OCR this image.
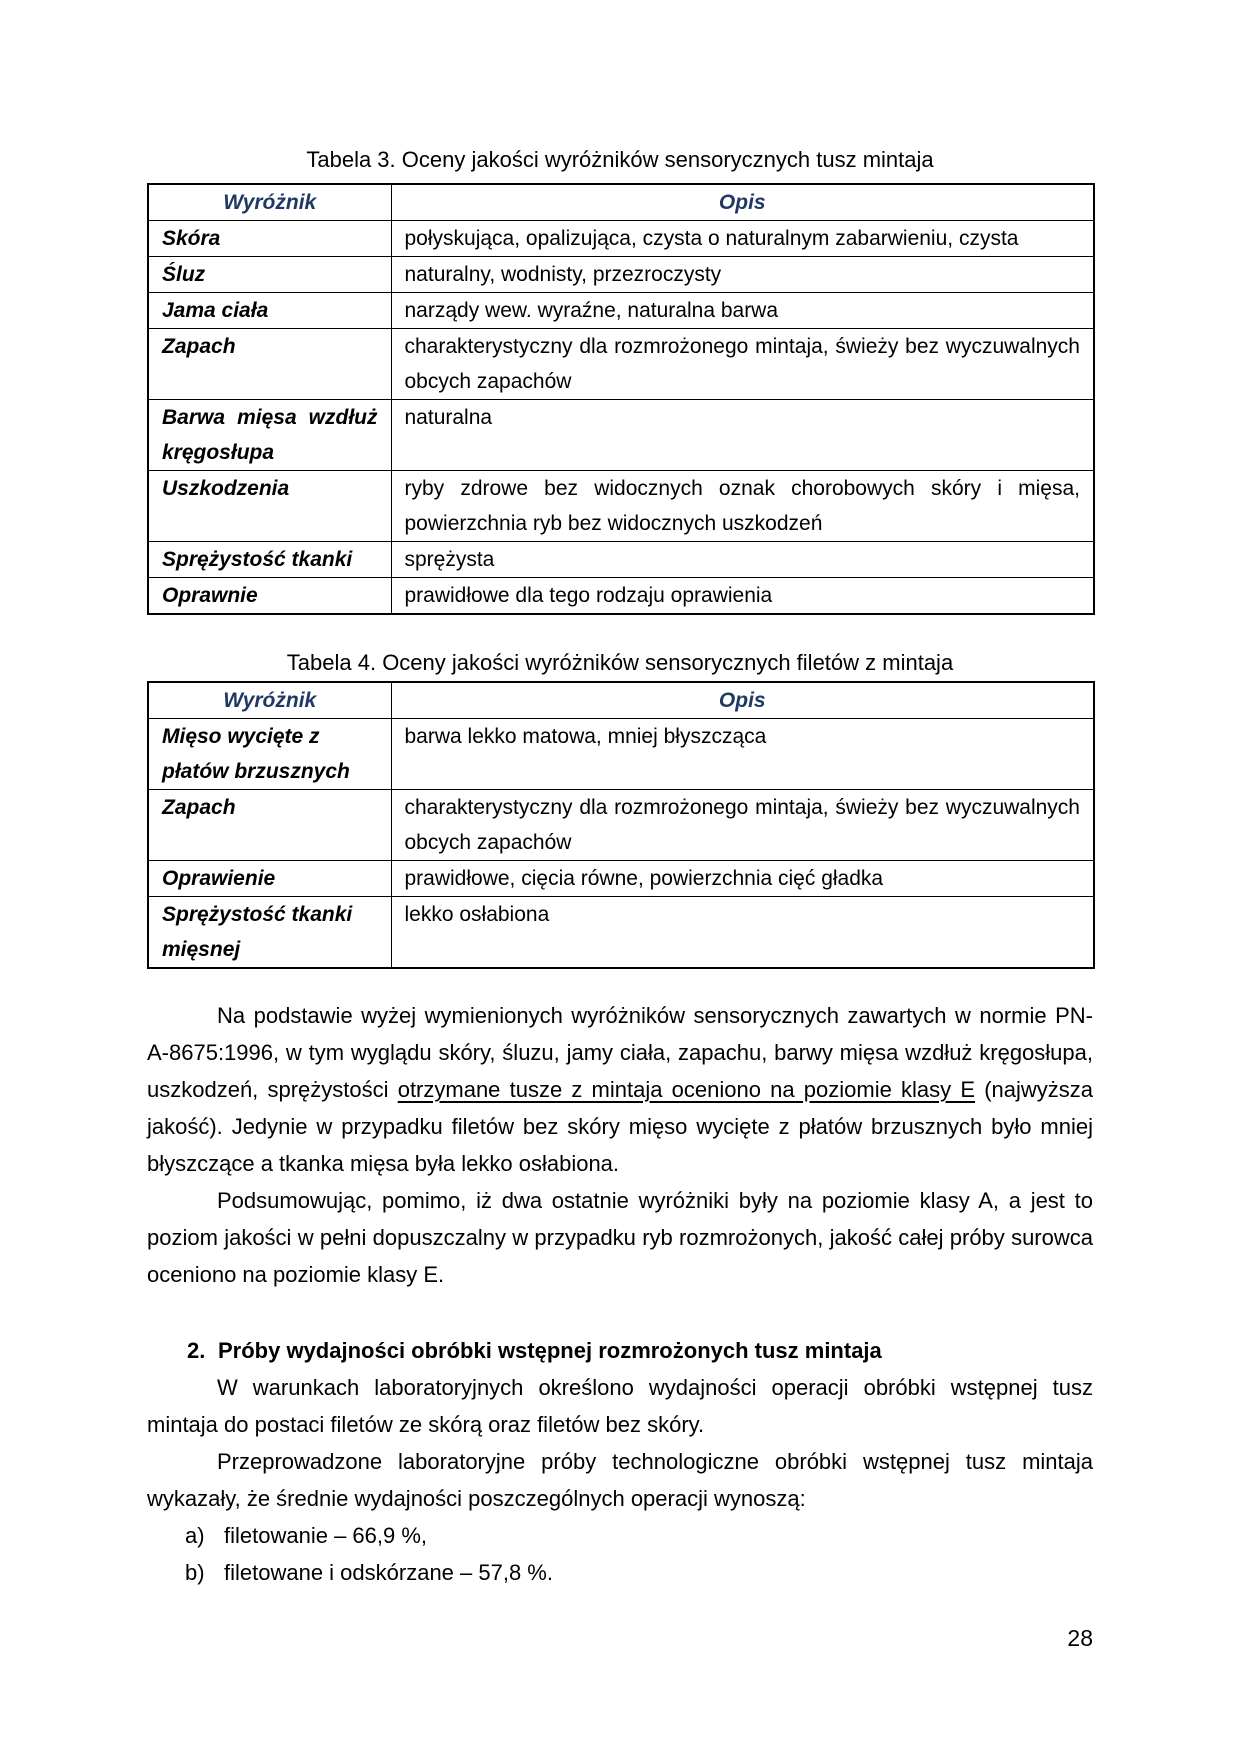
Tabela 3. Oceny jakości wyróżników sensorycznych tusz mintaja

Wyróżnik	Opis
Skóra	połyskująca, opalizująca, czysta o naturalnym zabarwieniu, czysta
Śluz	naturalny, wodnisty, przezroczysty
Jama ciała	narządy wew. wyraźne, naturalna barwa
Zapach	charakterystyczny dla rozmrożonego mintaja, świeży bez wyczuwalnych obcych zapachów
Barwa mięsa wzdłuż kręgosłupa	naturalna
Uszkodzenia	ryby zdrowe bez widocznych oznak chorobowych skóry i mięsa, powierzchnia ryb bez widocznych uszkodzeń
Sprężystość tkanki	sprężysta
Oprawnie	prawidłowe dla tego rodzaju oprawienia

Tabela 4. Oceny jakości wyróżników sensorycznych filetów z mintaja

Wyróżnik	Opis
Mięso wycięte z płatów brzusznych	barwa lekko matowa, mniej błyszcząca
Zapach	charakterystyczny dla rozmrożonego mintaja, świeży bez wyczuwalnych obcych zapachów
Oprawienie	prawidłowe, cięcia równe, powierzchnia cięć gładka
Sprężystość tkanki mięsnej	lekko osłabiona

Na podstawie wyżej wymienionych wyróżników sensorycznych zawartych w normie PN-A-8675:1996, w tym wyglądu skóry, śluzu, jamy ciała, zapachu, barwy mięsa wzdłuż kręgosłupa, uszkodzeń, sprężystości otrzymane tusze z mintaja oceniono na poziomie klasy E (najwyższa jakość). Jedynie w przypadku filetów bez skóry mięso wycięte z płatów brzusznych było mniej błyszczące a tkanka mięsa była lekko osłabiona.

Podsumowując, pomimo, iż dwa ostatnie wyróżniki były na poziomie klasy A, a jest to poziom jakości w pełni dopuszczalny w przypadku ryb rozmrożonych, jakość całej próby surowca oceniono na poziomie klasy E.

2. Próby wydajności obróbki wstępnej rozmrożonych tusz mintaja

W warunkach laboratoryjnych określono wydajności operacji obróbki wstępnej tusz mintaja do postaci filetów ze skórą oraz filetów bez skóry.

Przeprowadzone laboratoryjne próby technologiczne obróbki wstępnej tusz mintaja wykazały, że średnie wydajności poszczególnych operacji wynoszą:

a) filetowanie – 66,9 %,

b) filetowane i odskórzane – 57,8 %.

28
